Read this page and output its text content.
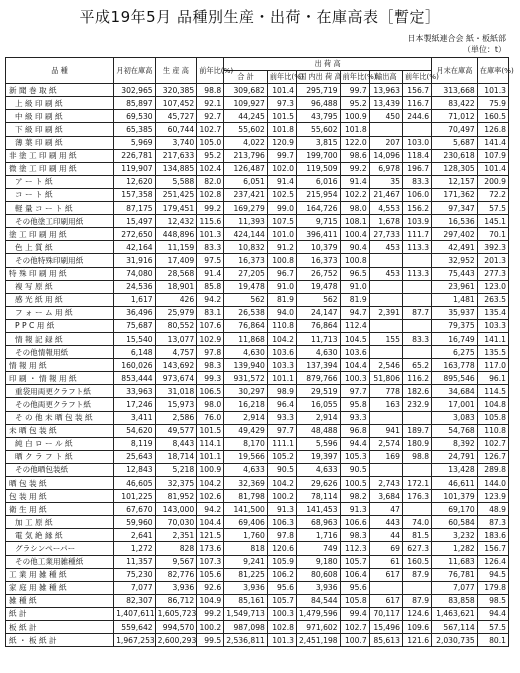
平成19年5月 品種別生産・出荷・在庫高表［暫定］
日本製紙連合会 紙・板紙部
（単位：t）
品 種	月初在庫高	生 産 高	前年比(%)	出 荷 高						月末在庫高	在庫率(%)
				合 計	前年比(%)	国 内出 荷 高	前年比(%)	輸出高	前年比(%)		
新 聞 巻 取 紙	302,965	320,385	98.8	309,682	101.4	295,719	99.7	13,963	156.7	313,668	101.3
上 級 印 刷 紙	85,897	107,452	92.1	109,927	97.3	96,488	95.2	13,439	116.7	83,422	75.9
中 級 印 刷 紙	69,530	45,727	92.7	44,245	101.5	43,795	100.9	450	244.6	71,012	160.5
下 級 印 刷 紙	65,385	60,744	102.7	55,602	101.8	55,602	101.8			70,497	126.8
薄 葉 印 刷 紙	5,969	3,740	105.0	4,022	120.9	3,815	122.0	207	103.0	5,687	141.4
非 塗 工 印 刷 用 紙	226,781	217,633	95.2	213,796	99.7	199,700	98.6	14,096	118.4	230,618	107.9
微 塗 工 印 刷 用 紙	119,907	134,885	102.4	126,487	102.0	119,509	99.2	6,978	196.7	128,305	101.4
ア ー ト 紙	12,620	5,588	82.0	6,051	91.4	6,016	91.4	35	83.3	12,157	200.9
コ ー ト 紙	157,358	251,425	102.8	237,421	102.5	215,954	102.2	21,467	106.0	171,362	72.2
軽 量 コ ー ト 紙	87,175	179,451	99.2	169,279	99.0	164,726	98.0	4,553	156.2	97,347	57.5
その他塗工印刷用紙	15,497	12,432	115.6	11,393	107.5	9,715	108.1	1,678	103.9	16,536	145.1
塗 工 印 刷 用 紙	272,650	448,896	101.3	424,144	101.0	396,411	100.4	27,733	111.7	297,402	70.1
色 上 質 紙	42,164	11,159	83.3	10,832	91.2	10,379	90.4	453	113.3	42,491	392.3
その他特殊印刷用紙	31,916	17,409	97.5	16,373	100.8	16,373	100.8			32,952	201.3
特 殊 印 刷 用 紙	74,080	28,568	91.4	27,205	96.7	26,752	96.5	453	113.3	75,443	277.3
複 写 原 紙	24,536	18,901	85.8	19,478	91.0	19,478	91.0			23,961	123.0
感 光 紙 用 紙	1,617	426	94.2	562	81.9	562	81.9			1,481	263.5
フ ォ ー ム 用 紙	36,496	25,979	83.1	26,538	94.0	24,147	94.7	2,391	87.7	35,937	135.4
P P C 用 紙	75,687	80,552	107.6	76,864	110.8	76,864	112.4			79,375	103.3
情 報 記 録 紙	15,540	13,077	102.9	11,868	104.2	11,713	104.5	155	83.3	16,749	141.1
その他情報用紙	6,148	4,757	97.8	4,630	103.6	4,630	103.6			6,275	135.5
情 報 用 紙	160,026	143,692	98.3	139,940	103.3	137,394	104.4	2,546	65.2	163,778	117.0
印 刷 ・ 情 報 用 紙	853,444	973,674	99.3	931,572	101.1	879,766	100.3	51,806	116.2	895,546	96.1
重袋用両更クラフト紙	33,963	31,018	106.5	30,297	98.9	29,519	97.7	778	182.6	34,684	114.5
その他両更クラフト紙	17,246	15,973	98.0	16,218	96.4	16,055	95.8	163	232.9	17,001	104.8
そ の 他 未 晒 包 装 紙	3,411	2,586	76.0	2,914	93.3	2,914	93.3			3,083	105.8
未 晒 包 装 紙	54,620	49,577	101.5	49,429	97.7	48,488	96.8	941	189.7	54,768	110.8
純 白 ロ ー ル 紙	8,119	8,443	114.1	8,170	111.1	5,596	94.4	2,574	180.9	8,392	102.7
晒 ク ラ フ ト 紙	25,643	18,714	101.1	19,566	105.2	19,397	105.3	169	98.8	24,791	126.7
その他晒包装紙	12,843	5,218	100.9	4,633	90.5	4,633	90.5			13,428	289.8
晒 包 装 紙	46,605	32,375	104.2	32,369	104.2	29,626	100.5	2,743	172.1	46,611	144.0
包 装 用 紙	101,225	81,952	102.6	81,798	100.2	78,114	98.2	3,684	176.3	101,379	123.9
衛 生 用 紙	67,670	143,000	94.2	141,500	91.3	141,453	91.3	47		69,170	48.9
加 工 原 紙	59,960	70,030	104.4	69,406	106.3	68,963	106.6	443	74.0	60,584	87.3
電 気 絶 縁 紙	2,641	2,351	121.5	1,760	97.8	1,716	98.3	44	81.5	3,232	183.6
グラシンペーパー	1,272	828	173.6	818	120.6	749	112.3	69	627.3	1,282	156.7
その他工業用雑種紙	11,357	9,567	107.3	9,241	105.9	9,180	105.7	61	160.5	11,683	126.4
工 業 用 雑 種 紙	75,230	82,776	105.6	81,225	106.2	80,608	106.4	617	87.9	76,781	94.5
家 庭 用 雑 種 紙	7,077	3,936	92.6	3,936	95.6	3,936	95.6			7,077	179.8
雑 種 紙	82,307	86,712	104.9	85,161	105.7	84,544	105.8	617	87.9	83,858	98.5
紙 計	1,407,611	1,605,723	99.2	1,549,713	100.3	1,479,596	99.4	70,117	124.6	1,463,621	94.4
板 紙 計	559,642	994,570	100.2	987,098	102.8	971,602	102.7	15,496	109.6	567,114	57.5
紙 ・ 板 紙 計	1,967,253	2,600,293	99.5	2,536,811	101.3	2,451,198	100.7	85,613	121.6	2,030,735	80.1
